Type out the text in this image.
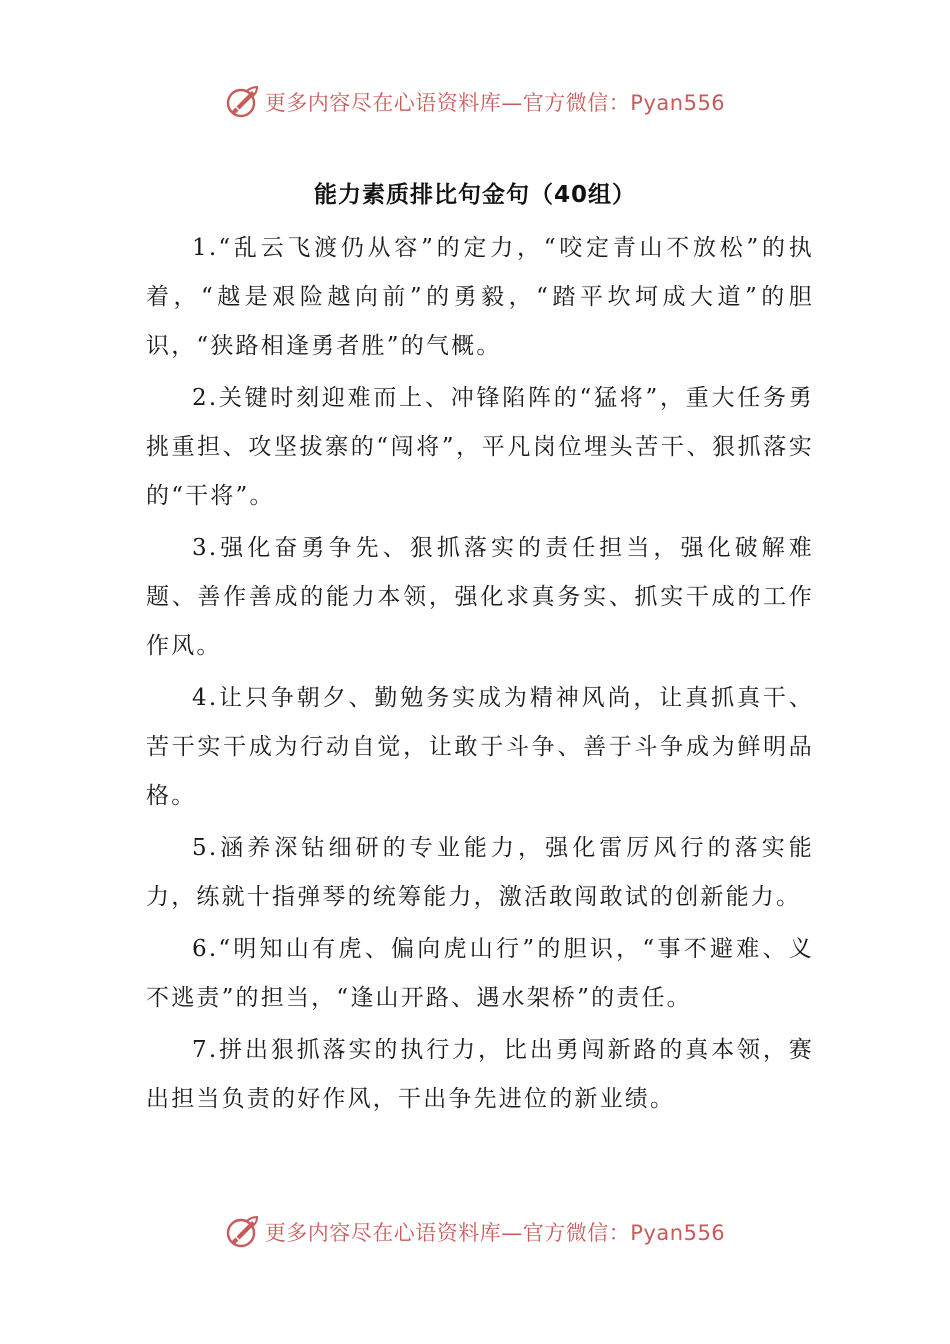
更多内容尽在心语资料库—官方微信：Pyan556
能力素质排比句金句（40组）

1.“乱云飞渡仍从容”的定力，“咬定青山不放松”的执着，“越是艰险越向前”的勇毅，“踏平坎坷成大道”的胆识，“狭路相逢勇者胜”的气概。

2.关键时刻迎难而上、冲锋陷阵的“猛将”，重大任务勇挑重担、攻坚拔寨的“闯将”，平凡岗位埋头苦干、狠抓落实的“干将”。

3.强化奋勇争先、狠抓落实的责任担当，强化破解难题、善作善成的能力本领，强化求真务实、抓实干成的工作作风。

4.让只争朝夕、勤勉务实成为精神风尚，让真抓真干、苦干实干成为行动自觉，让敢于斗争、善于斗争成为鲜明品格。

5.涵养深钻细研的专业能力，强化雷厉风行的落实能力，练就十指弹琴的统筹能力，激活敢闯敢试的创新能力。

6.“明知山有虎、偏向虎山行”的胆识，“事不避难、义不逃责”的担当，“逢山开路、遇水架桥”的责任。

7.拼出狠抓落实的执行力，比出勇闯新路的真本领，赛出担当负责的好作风，干出争先进位的新业绩。

更多内容尽在心语资料库—官方微信：Pyan556
